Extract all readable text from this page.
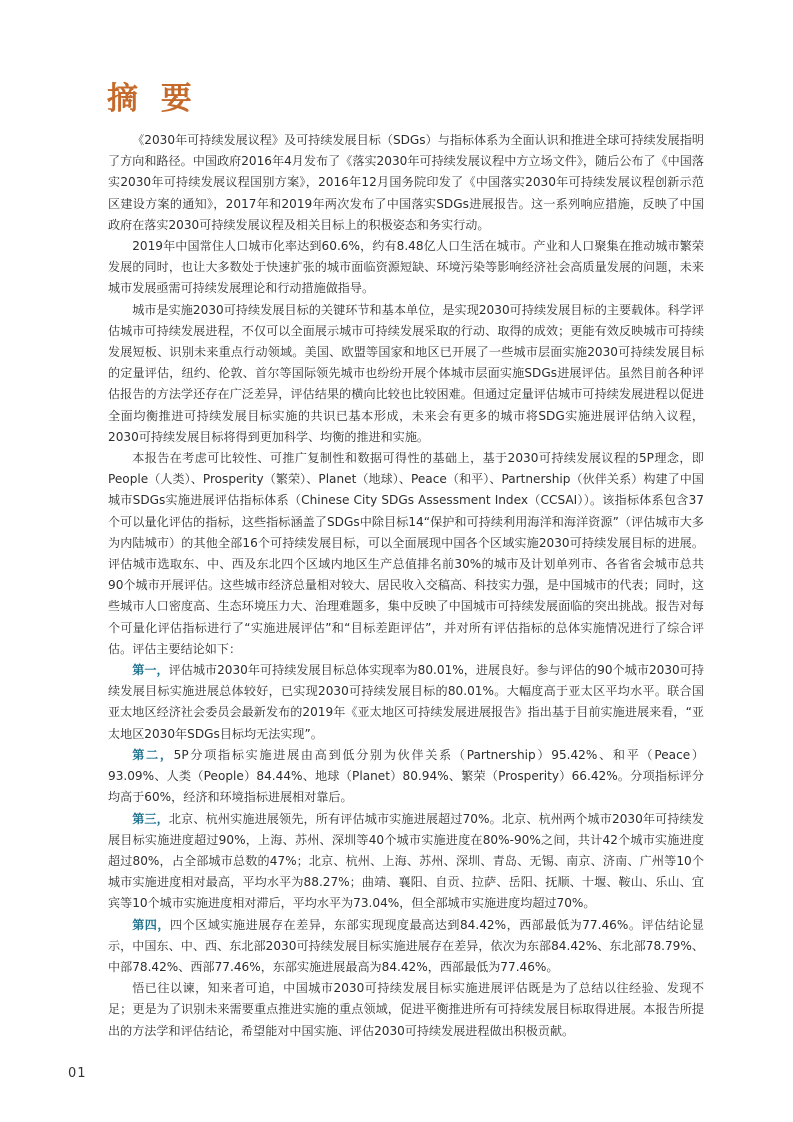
摘 要

《2030年可持续发展议程》及可持续发展目标（SDGs）与指标体系为全面认识和推进全球可持续发展指明了方向和路径。中国政府2016年4月发布了《落实2030年可持续发展议程中方立场文件》，随后公布了《中国落实2030年可持续发展议程国别方案》，2016年12月国务院印发了《中国落实2030年可持续发展议程创新示范区建设方案的通知》，2017年和2019年两次发布了中国落实SDGs进展报告。这一系列响应措施，反映了中国政府在落实2030可持续发展议程及相关目标上的积极姿态和务实行动。

2019年中国常住人口城市化率达到60.6%，约有8.48亿人口生活在城市。产业和人口聚集在推动城市繁荣发展的同时，也让大多数处于快速扩张的城市面临资源短缺、环境污染等影响经济社会高质量发展的问题，未来城市发展亟需可持续发展理论和行动措施做指导。

城市是实施2030可持续发展目标的关键环节和基本单位，是实现2030可持续发展目标的主要载体。科学评估城市可持续发展进程，不仅可以全面展示城市可持续发展采取的行动、取得的成效；更能有效反映城市可持续发展短板、识别未来重点行动领域。美国、欧盟等国家和地区已开展了一些城市层面实施2030可持续发展目标的定量评估，纽约、伦敦、首尔等国际领先城市也纷纷开展个体城市层面实施SDGs进展评估。虽然目前各种评估报告的方法学还存在广泛差异，评估结果的横向比较也比较困难。但通过定量评估城市可持续发展进程以促进全面均衡推进可持续发展目标实施的共识已基本形成，未来会有更多的城市将SDG实施进展评估纳入议程，2030可持续发展目标将得到更加科学、均衡的推进和实施。

本报告在考虑可比较性、可推广复制性和数据可得性的基础上，基于2030可持续发展议程的5P理念，即People（人类）、Prosperity（繁荣）、Planet（地球）、Peace（和平）、Partnership（伙伴关系）构建了中国城市SDGs实施进展评估指标体系（Chinese City SDGs Assessment Index（CCSAI））。该指标体系包含37个可以量化评估的指标，这些指标涵盖了SDGs中除目标14“保护和可持续利用海洋和海洋资源”（评估城市大多为内陆城市）的其他全部16个可持续发展目标，可以全面展现中国各个区域实施2030可持续发展目标的进展。评估城市选取东、中、西及东北四个区域内地区生产总值排名前30%的城市及计划单列市、各省省会城市总共90个城市开展评估。这些城市经济总量相对较大、居民收入交稿高、科技实力强，是中国城市的代表；同时，这些城市人口密度高、生态环境压力大、治理难题多，集中反映了中国城市可持续发展面临的突出挑战。报告对每个可量化评估指标进行了“实施进展评估”和“目标差距评估”，并对所有评估指标的总体实施情况进行了综合评估。评估主要结论如下：

第一，评估城市2030年可持续发展目标总体实现率为80.01%，进展良好。参与评估的90个城市2030可持续发展目标实施进展总体较好，已实现2030可持续发展目标的80.01%。大幅度高于亚太区平均水平。联合国亚太地区经济社会委员会最新发布的2019年《亚太地区可持续发展进展报告》指出基于目前实施进展来看，“亚太地区2030年SDGs目标均无法实现”。

第二，5P分项指标实施进展由高到低分别为伙伴关系（Partnership）95.42%、和平（Peace）93.09%、人类（People）84.44%、地球（Planet）80.94%、繁荣（Prosperity）66.42%。分项指标评分均高于60%，经济和环境指标进展相对靠后。

第三，北京、杭州实施进展领先，所有评估城市实施进展超过70%。北京、杭州两个城市2030年可持续发展目标实施进度超过90%，上海、苏州、深圳等40个城市实施进度在80%-90%之间，共计42个城市实施进度超过80%，占全部城市总数的47%；北京、杭州、上海、苏州、深圳、青岛、无锡、南京、济南、广州等10个城市实施进度相对最高，平均水平为88.27%；曲靖、襄阳、自贡、拉萨、岳阳、抚顺、十堰、鞍山、乐山、宜宾等10个城市实施进度相对滞后，平均水平为73.04%，但全部城市实施进度均超过70%。

第四，四个区域实施进展存在差异，东部实现现度最高达到84.42%，西部最低为77.46%。评估结论显示，中国东、中、西、东北部2030可持续发展目标实施进展存在差异，依次为东部84.42%、东北部78.79%、中部78.42%、西部77.46%，东部实施进展最高为84.42%，西部最低为77.46%。

悟已往以谏，知来者可追，中国城市2030可持续发展目标实施进展评估既是为了总结以往经验、发现不足；更是为了识别未来需要重点推进实施的重点领域，促进平衡推进所有可持续发展目标取得进展。本报告所提出的方法学和评估结论，希望能对中国实施、评估2030可持续发展进程做出积极贡献。

01
